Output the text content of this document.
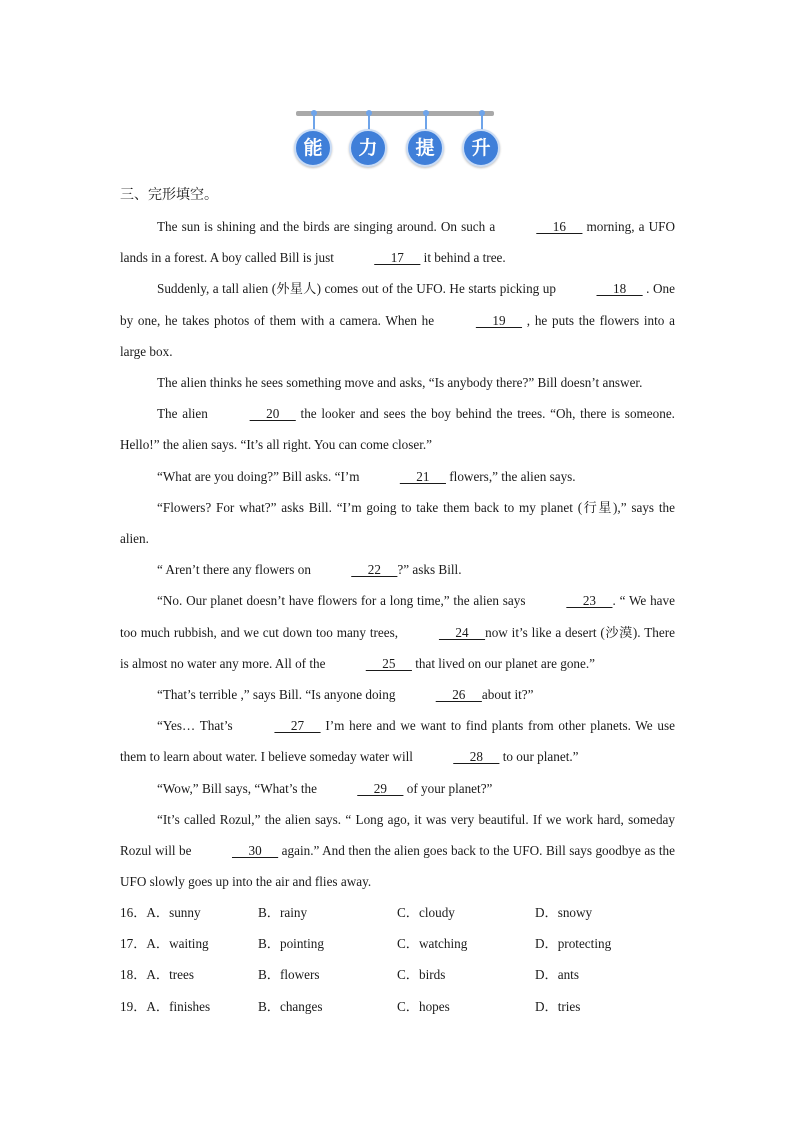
能	力	提	升
三、完形填空。

The sun is shining and the birds are singing around. On such a	16      morning, a UFO lands in a forest. A boy called Bill is just	17      it behind a tree.

Suddenly, a tall alien (外星人) comes out of the UFO. He starts picking up	18      . One by one, he takes photos of them with a camera. When he	19      , he puts the flowers into a large box.

The alien thinks he sees something move and asks, “Is anybody there?” Bill doesn’t answer.

The alien	20      the looker and sees the boy behind the trees. “Oh, there is someone. Hello!” the alien says. “It’s all right. You can come closer.”

“What are you doing?” Bill asks. “I’m	21      flowers,” the alien says.

“Flowers? For what?” asks Bill. “I’m going to take them back to my planet (行星),” says the alien.

“ Aren’t there any flowers on	22     ?” asks Bill.

“No. Our planet doesn’t have flowers for a long time,” the alien says	23     . “ We have too much rubbish, and we cut down too many trees,	24     now it’s like a desert (沙漠). There is almost no water any more. All of the	25      that lived on our planet are gone.”

“That’s terrible ,” says Bill. “Is anyone doing	26     about it?”

“Yes… That’s	27      I’m here and we want to find plants from other planets. We use them to learn about water. I believe someday water will	28      to our planet.”

“Wow,” Bill says, “What’s the	29      of your planet?”

“It’s called Rozul,” the alien says. “ Long ago, it was very beautiful. If we work hard, someday Rozul will be	30      again.” And then the alien goes back to the UFO. Bill says goodbye as the UFO slowly goes up into the air and flies away.

16．A．sunny	B．rainy	C．cloudy	D．snowy
17．A．waiting	B．pointing	C．watching	D．protecting
18．A．trees	B．flowers	C．birds	D．ants
19．A．finishes	B．changes	C．hopes	D．tries
